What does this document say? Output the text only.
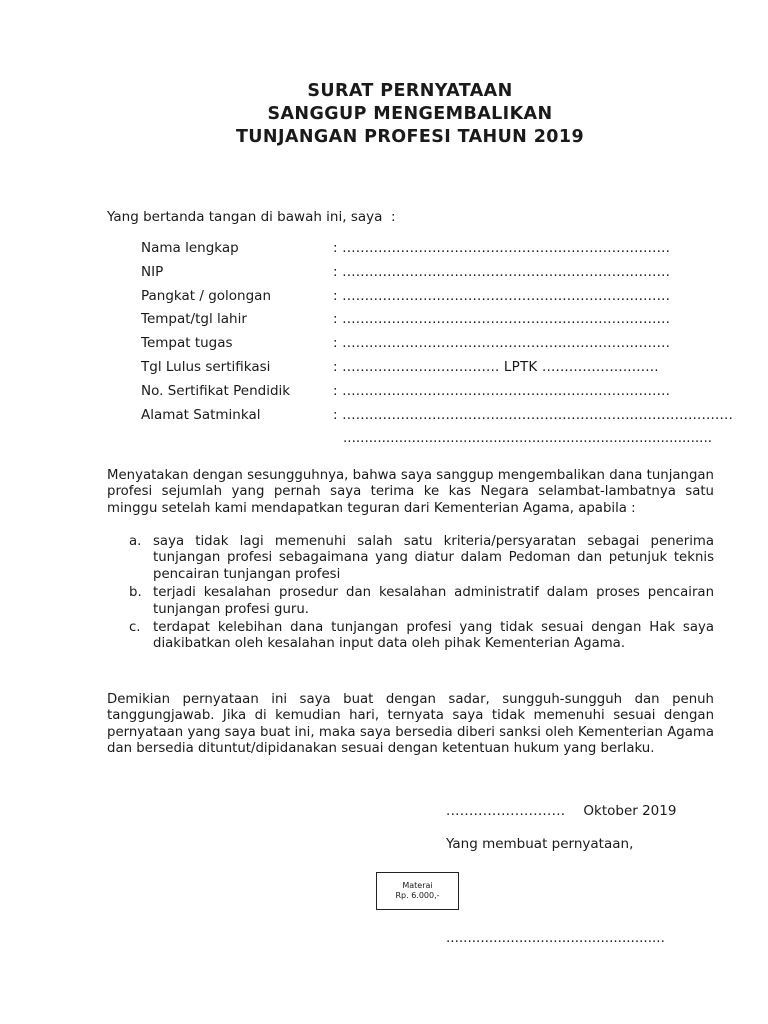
SURAT PERNYATAAN
SANGGUP MENGEMBALIKAN
TUNJANGAN PROFESI TAHUN 2019
Yang bertanda tangan di bawah ini, saya  :
Nama lengkap	: .........................................................................
NIP	: .........................................................................
Pangkat / golongan	: .........................................................................
Tempat/tgl lahir	: .........................................................................
Tempat tugas	: .........................................................................
Tgl Lulus sertifikasi	: ................................... LPTK ..........................
No. Sertifikat Pendidik	: .........................................................................
Alamat Satminkal	: .......................................................................................
......................................................................................
Menyatakan dengan sesungguhnya, bahwa saya sanggup mengembalikan dana tunjangan profesi sejumlah yang pernah saya terima ke kas Negara selambat-lambatnya satu minggu setelah kami mendapatkan teguran dari Kementerian Agama, apabila :
a. saya tidak lagi memenuhi salah satu kriteria/persyaratan sebagai penerima tunjangan profesi sebagaimana yang diatur dalam Pedoman dan petunjuk teknis pencairan tunjangan profesi
b. terjadi kesalahan prosedur dan kesalahan administratif dalam proses pencairan tunjangan profesi guru.
c. terdapat kelebihan dana tunjangan profesi yang tidak sesuai dengan Hak saya diakibatkan oleh kesalahan input data oleh pihak Kementerian Agama.
Demikian pernyataan ini saya buat dengan sadar, sungguh-sungguh dan penuh tanggungjawab. Jika di kemudian hari, ternyata saya tidak memenuhi sesuai dengan pernyataan yang saya buat ini, maka saya bersedia diberi sanksi oleh Kementerian Agama dan bersedia dituntut/dipidanakan sesuai dengan ketentuan hukum yang berlaku.
.......................... Oktober 2019
Yang membuat pernyataan,
Materai
Rp. 6.000,-
...................................................
